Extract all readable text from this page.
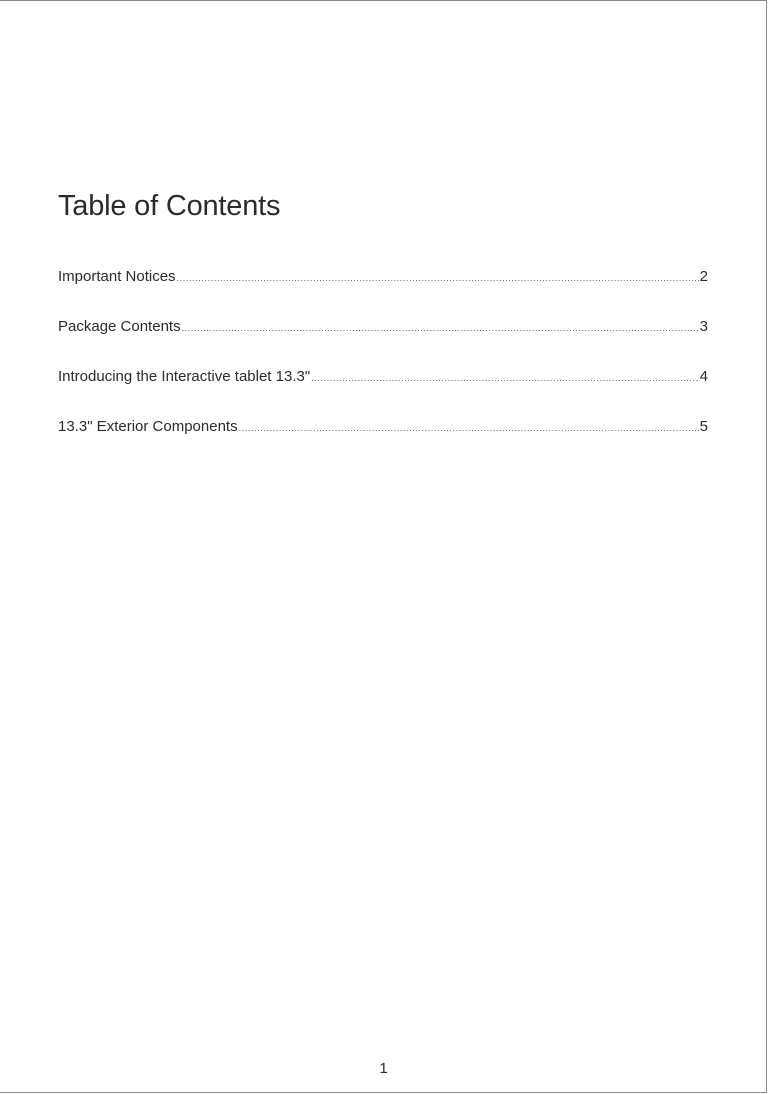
Table of Contents
Important Notices .....	2
Package Contents .....	3
Introducing the Interactive tablet 13.3" .....	4
13.3" Exterior Components .....	5
1
